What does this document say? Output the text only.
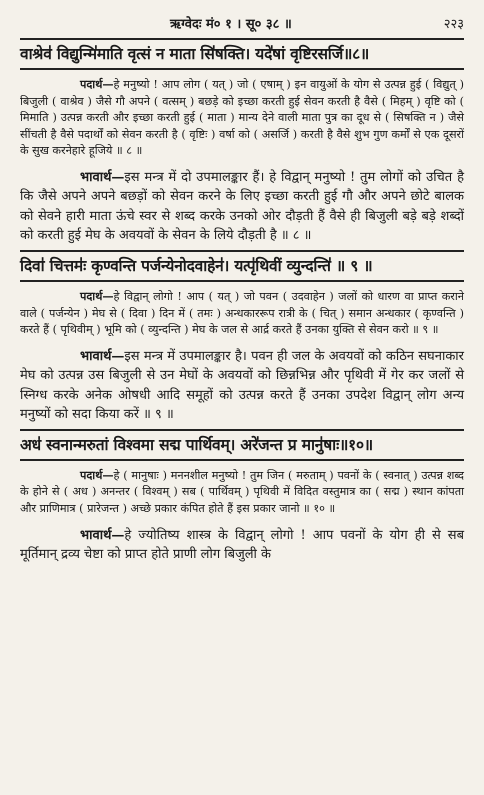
ऋग्वेदः मं० १ । सू० ३८ ॥	२२३
वाश्रेव॑ विद्युन्मि॑माति वृत्सं न माता सि॑षक्ति। यदे॑षां वृष्टिरसर्जि॥८॥

पदार्थ—हे मनुष्यो ! आप लोग ( यत् ) जो ( एषाम् ) इन वायुओं के योग से उत्पन्न हुई ( विद्युत् ) बिजुली ( वाश्रेव ) जैसे गौ अपने ( वत्सम् ) बछड़े को इच्छा करती हुई सेवन करती है वैसे ( मिहम् ) वृष्टि को ( मिमाति ) उत्पन्न करती और इच्छा करती हुई ( माता ) मान्य देने वाली माता पुत्र का दूध से ( सिषक्ति न ) जैसे सींचती है वैसे पदार्थों को सेवन करती है ( वृष्टिः ) वर्षा को ( असर्जि ) करती है वैसे शुभ गुण कर्मों से एक दूसरों के सुख करनेहारे हूजिये ॥ ८ ॥

भावार्थ—इस मन्त्र में दो उपमालङ्कार हैं। हे विद्वान् मनुष्यो ! तुम लोगों को उचित है कि जैसे अपने अपने बछड़ों को सेवन करने के लिए इच्छा करती हुई गौ और अपने छोटे बालक को सेवने हारी माता ऊंचे स्वर से शब्द करके उनको ओर दौड़ती हैं वैसे ही बिजुली बड़े बड़े शब्दों को करती हुई मेघ के अवयवों के सेवन के लिये दौड़ती है ॥ ८ ॥

दिवा॑ चित्तमः॑ कृण्वन्ति पर्जन्येनोदवाहेन॑। यत्पृ॑थिवीं व्युन्दन्ति॑ ॥ ९ ॥

पदार्थ—हे विद्वान् लोगो ! आप ( यत् ) जो पवन ( उदवाहेन ) जलों को धारण वा प्राप्त कराने वाले ( पर्जन्येन ) मेघ से ( दिवा ) दिन में ( तमः ) अन्धकाररूप रात्री के ( चित् ) समान अन्धकार ( कृण्वन्ति ) करते हैं ( पृथिवीम् ) भूमि को ( व्युन्दन्ति ) मेघ के जल से आर्द्र करते हैं उनका युक्ति से सेवन करो ॥ ९ ॥

भावार्थ—इस मन्त्र में उपमालङ्कार है। पवन ही जल के अवयवों को कठिन सघनाकार मेघ को उत्पन्न उस बिजुली से उन मेघों के अवयवों को छिन्नभिन्न और पृथिवी में गेर कर जलों से स्निग्ध करके अनेक ओषधी आदि समूहों को उत्पन्न करते हैं उनका उपदेश विद्वान् लोग अन्य मनुष्यों को सदा किया करें ॥ ९ ॥

अध॑ स्वनान्मरुतां विश्वमा सद्म पार्थिवम्। अरे॑जन्त प्र मानु॑षाः॥१०॥

पदार्थ—हे ( मानुषाः ) मननशील मनुष्यो ! तुम जिन ( मरुताम् ) पवनों के ( स्वनात् ) उत्पन्न शब्द के होने से ( अध ) अनन्तर ( विश्वम् ) सब ( पार्थिवम् ) पृथिवी में विदित वस्तुमात्र का ( सद्म ) स्थान कांपता और प्राणिमात्र ( प्रारेजन्त ) अच्छे प्रकार कंपित होते हैं इस प्रकार जानो ॥ १० ॥

भावार्थ—हे ज्योतिष्य शास्त्र के विद्वान् लोगो ! आप पवनों के योग ही से सब मूर्तिमान् द्रव्य चेष्टा को प्राप्त होते प्राणी लोग बिजुली के
